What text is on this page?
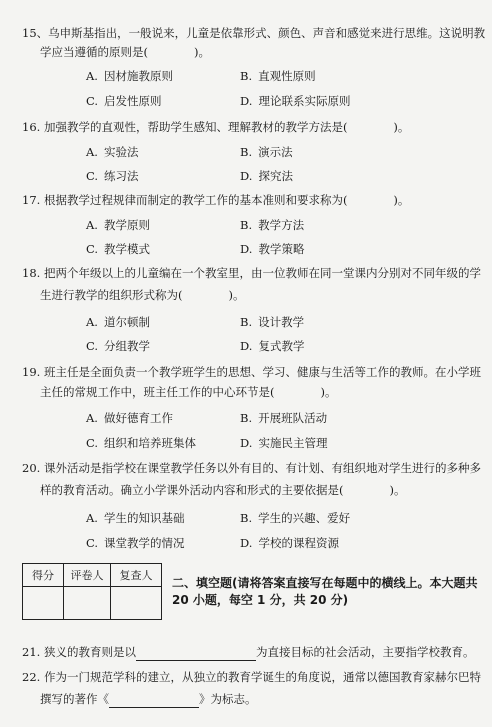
15、乌申斯基指出，一般说来，儿童是依靠形式、颜色、声音和感觉来进行思维。这说明教
学应当遵循的原则是(　　　　)。
A. 因材施教原则	B. 直观性原则
C. 启发性原则	D. 理论联系实际原则
16. 加强教学的直观性，帮助学生感知、理解教材的教学方法是(　　　　)。
A. 实验法	B. 演示法
C. 练习法	D. 探究法
17. 根据教学过程规律而制定的教学工作的基本准则和要求称为(　　　　)。
A. 教学原则	B. 教学方法
C. 教学模式	D. 教学策略
18. 把两个年级以上的儿童编在一个教室里，由一位教师在同一堂课内分别对不同年级的学
生进行教学的组织形式称为(　　　　)。
A. 道尔顿制	B. 设计教学
C. 分组教学	D. 复式教学
19. 班主任是全面负责一个教学班学生的思想、学习、健康与生活等工作的教师。在小学班
主任的常规工作中，班主任工作的中心环节是(　　　　)。
A. 做好德育工作	B. 开展班队活动
C. 组织和培养班集体	D. 实施民主管理
20. 课外活动是指学校在课堂教学任务以外有目的、有计划、有组织地对学生进行的多种多
样的教育活动。确立小学课外活动内容和形式的主要依据是(　　　　)。
A. 学生的知识基础	B. 学生的兴趣、爱好
C. 课堂教学的情况	D. 学校的课程资源
得分	评卷人	复查人

二、填空题(请将答案直接写在每题中的横线上。本大题共 20 小题，每空 1 分，共 20 分)
21. 狭义的教育则是以	为直接目标的社会活动，主要指学校教育。
22. 作为一门规范学科的建立，从独立的教育学诞生的角度说，通常以德国教育家赫尔巴特
撰写的著作《	》为标志。
